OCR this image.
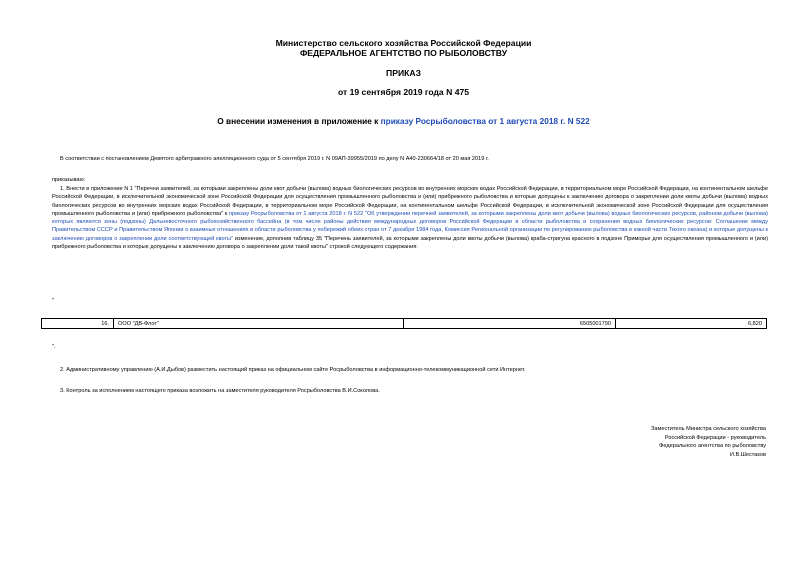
Министерство сельского хозяйства Российской Федерации
ФЕДЕРАЛЬНОЕ АГЕНТСТВО ПО РЫБОЛОВСТВУ
ПРИКАЗ
от 19 сентября 2019 года N 475
О внесении изменения в приложение к приказу Росрыболовства от 1 августа 2018 г. N 522
В соответствии с постановлением Девятого арбитражного апелляционного суда от 5 сентября 2019 г. N 09АП-39955/2019 по делу N А40-230664/18 от 20 мая 2019 г.
приказываю:
1. Внести в приложение N 1 "Перечни заявителей, за которыми закреплены доли квот добычи (вылова) водных биологических ресурсов во внутренних морских водах Российской Федерации, в территориальном море Российской Федерации, на континентальном шельфе Российской Федерации, в исключительной экономической зоне Российской Федерации для осуществления промышленного рыболовства и (или) прибрежного рыболовства и которые допущены к заключению договора о закреплении доли квоты добычи (вылова) водных биологических ресурсов во внутренних морских водах Российской Федерации, в территориальном море Российской Федерации, на континентальном шельфе Российской Федерации, в исключительной экономической зоне Российской Федерации для осуществления промышленного рыболовства и (или) прибрежного рыболовства" к приказу Росрыболовства от 1 августа 2018 г. N 522 "Об утверждении перечней заявителей, за которыми закреплены доли квот добычи (вылова) водных биологических ресурсов, районом добычи (вылова) которых являются зоны (подзоны) Дальневосточного рыбохозяйственного бассейна (в том числе районы действия международных договоров Российской Федерации в области рыболовства и сохранения водных биологических ресурсов: Соглашение между Правительством СССР и Правительством Японии о взаимных отношениях в области рыболовства у побережий обеих стран от 7 декабря 1984 года, Комиссия Региональной организации по регулированию рыболовства в южной части Тихого океана) и которые допущены к заключению договоров о закреплении доли соответствующей квоты" изменение, дополнив таблицу 35 "Перечень заявителей, за которыми закреплены доли квоты добычи (вылова) краба-стригуна красного в подзоне Приморье для осуществления промышленного и (или) прибрежного рыболовства и которые допущены к заключению договора о закреплении доли такой квоты" строкой следующего содержания:
"
16.	ООО "ДВ-Флот"	6505001790	6,820
".
2. Административному управлению (А.И.Дыбов) разместить настоящий приказ на официальном сайте Росрыболовства в информационно-телекоммуникационной сети Интернет.
3. Контроль за исполнением настоящего приказа возложить на заместителя руководителя Росрыболовства В.И.Соколова.
Заместитель Министра сельского хозяйства
Российской Федерации - руководитель
Федерального агентства по рыболовству
И.В.Шестаков
